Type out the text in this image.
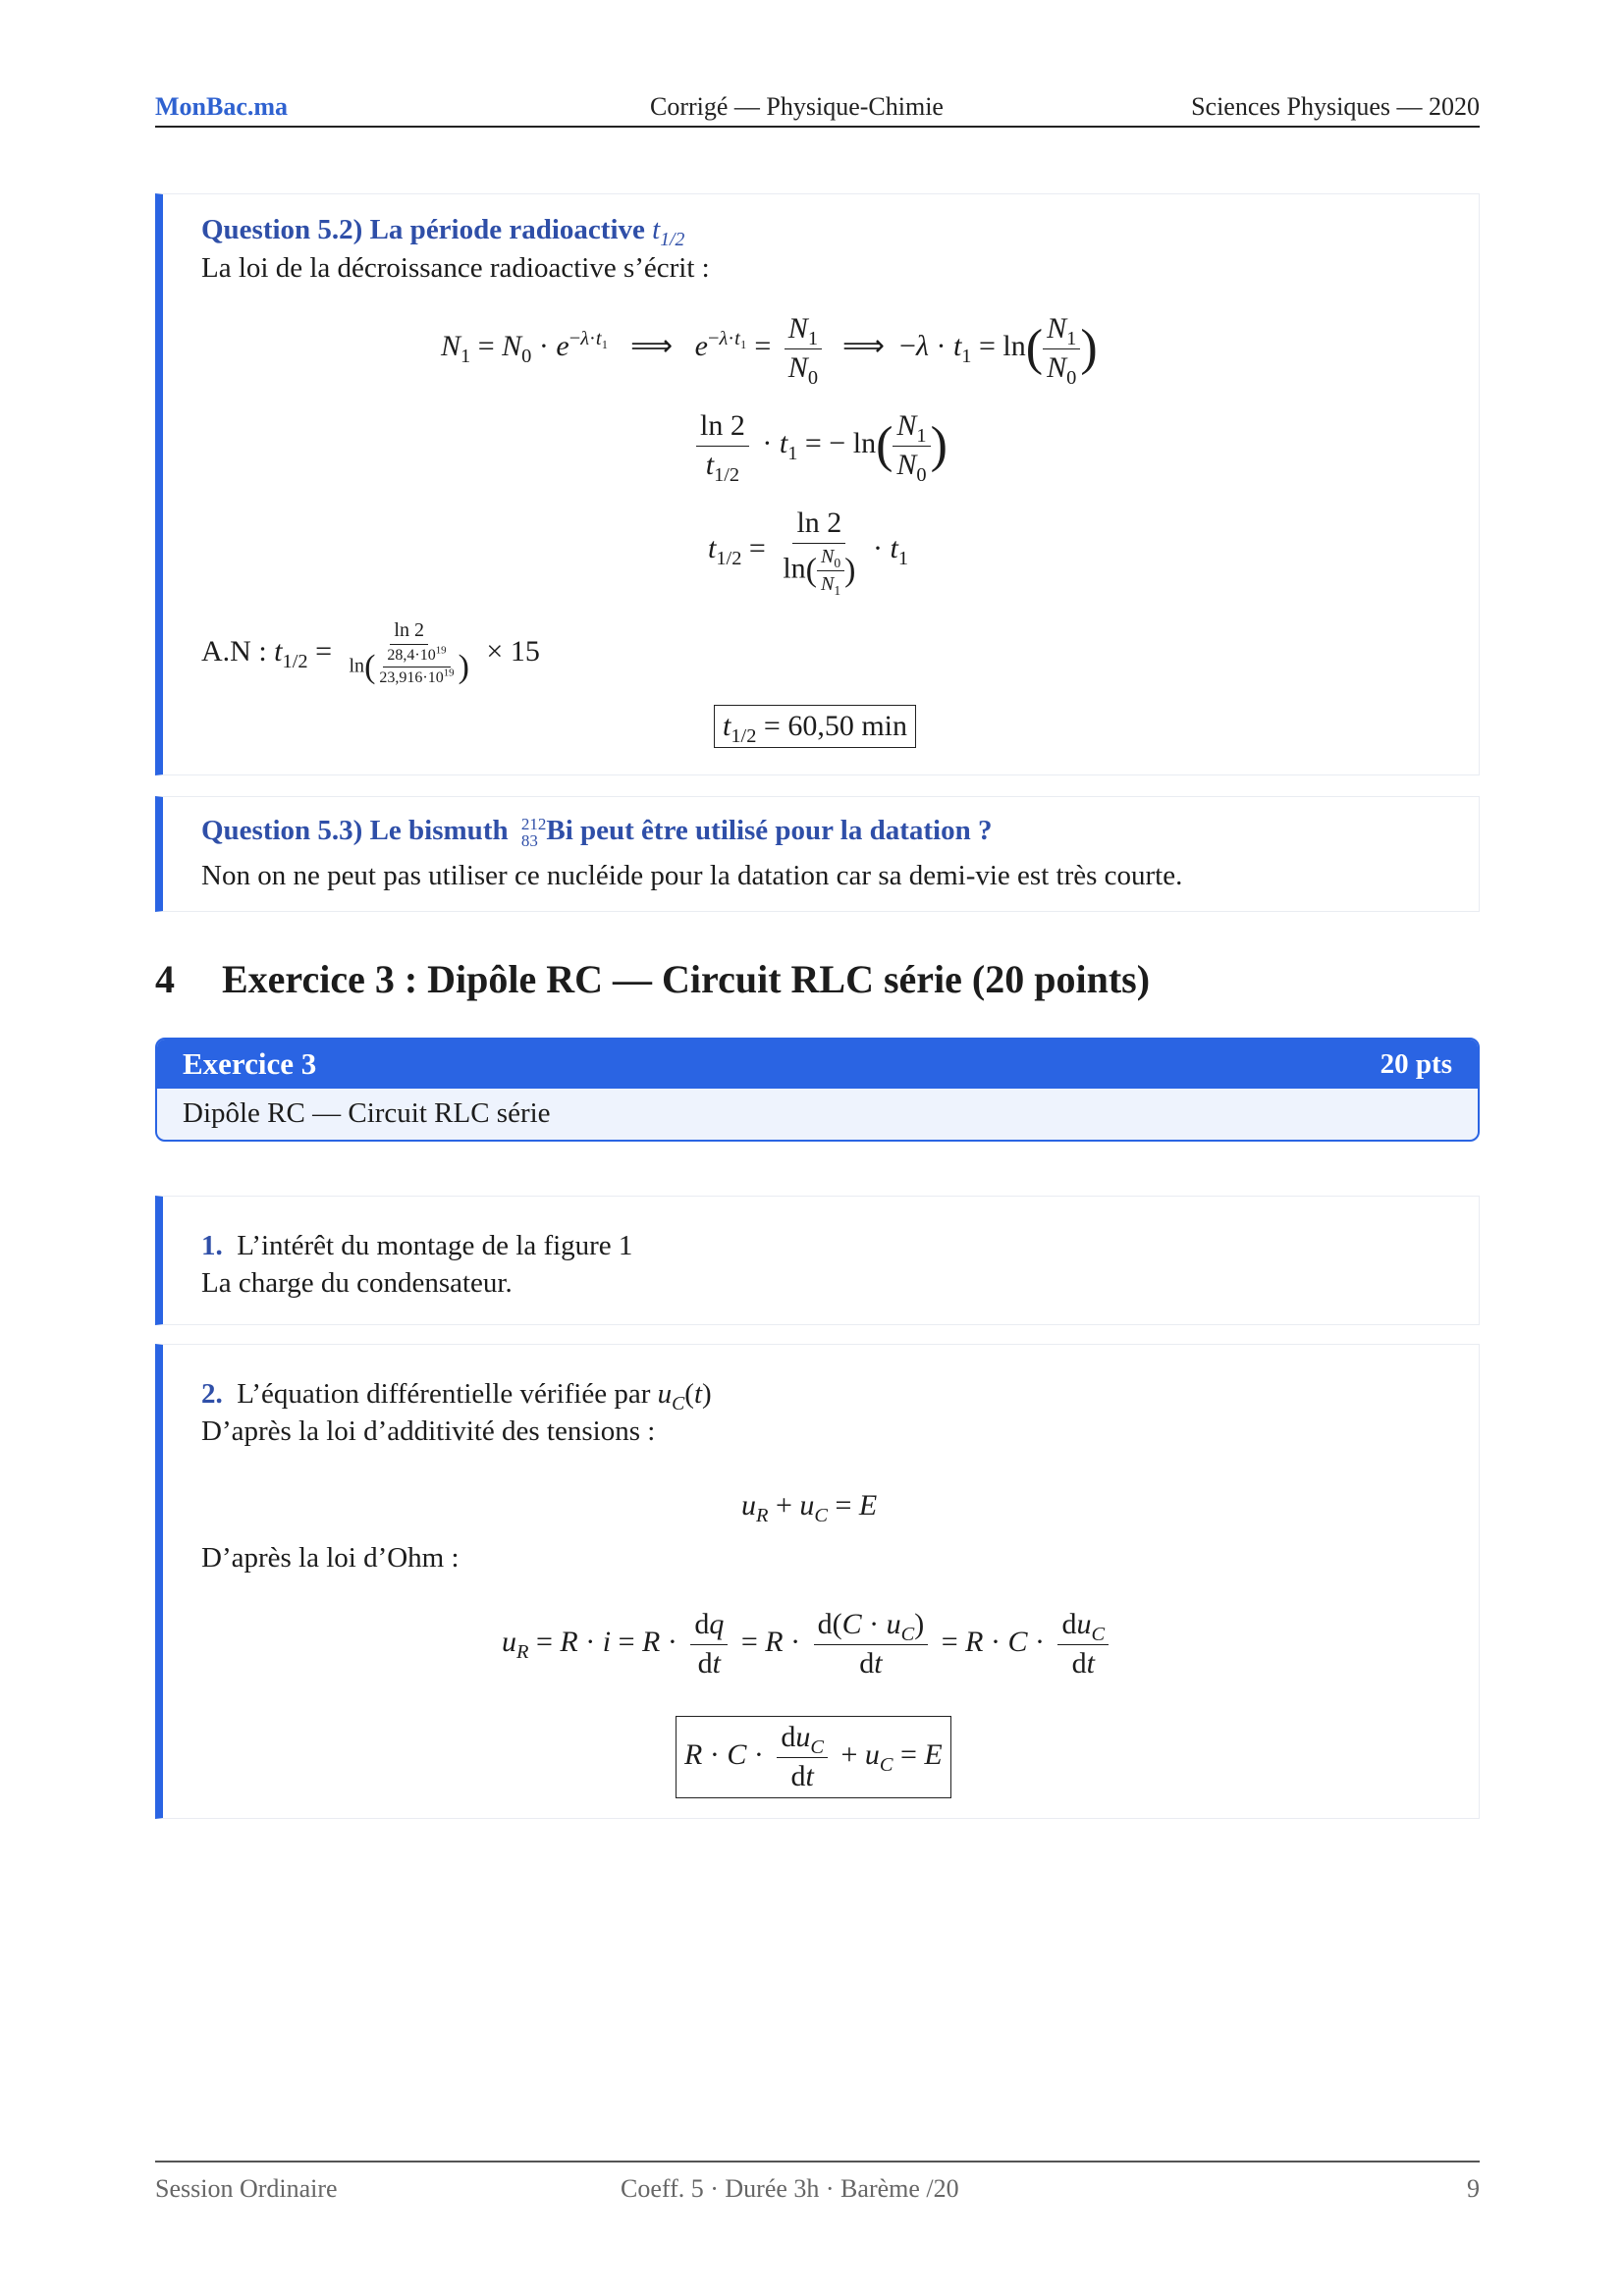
MonBac.ma	Corrigé — Physique-Chimie	Sciences Physiques — 2020
Question 5.2) La période radioactive $t_{1/2}$
La loi de la décroissance radioactive s’écrit :
$N_1 = N_0 \cdot e^{-\lambda\cdot t_1}$   ⟹   $e^{-\lambda\cdot t_1} = \frac{N_1}{N_0}$ ⟹  $-\lambda \cdot t_1 = \ln( \frac{N_1}{N_0}$ )
$\frac{\ln 2}{t_{1/2}} \cdot t_1$ = − $\ln( \frac{N_1}{N_0}$ )
$t_{1/2} = \frac{\ln 2}{\ln( \frac{N_0}{N_1} )} \cdot t_1$
A.N : $t_{1/2} = \frac{\ln 2}{\ln( \frac{28,4\cdot 10^{19}}{23,916\cdot 10^{19}} )} \times 15$
$t_{1/2} = 60,50$ min
Question 5.3) Le bismuth 212
83 Bi peut être utilisé pour la datation ?
Non on ne peut pas utiliser ce nucléide pour la datation car sa demi-vie est très courte.
4 Exercice 3 : Dipôle RC — Circuit RLC série (20 points)
Exercice 3	20 pts
Dipôle RC — Circuit RLC série
1. L’intérêt du montage de la figure 1
La charge du condensateur.
2. L’équation différentielle vérifiée par $u_C(t)$
D’après la loi d’additivité des tensions :
$u_R + u_C = E$
D’après la loi d’Ohm :
$u_R = R \cdot i = R \cdot \frac{dq}{dt} = R \cdot \frac{d(C \cdot u_C)}{dt} = R \cdot C \cdot \frac{du_C}{dt}$
$R \cdot C \cdot \frac{du_C}{dt} + u_C = E$
Session Ordinaire	Coeff. 5 · Durée 3h · Barème /20	9
